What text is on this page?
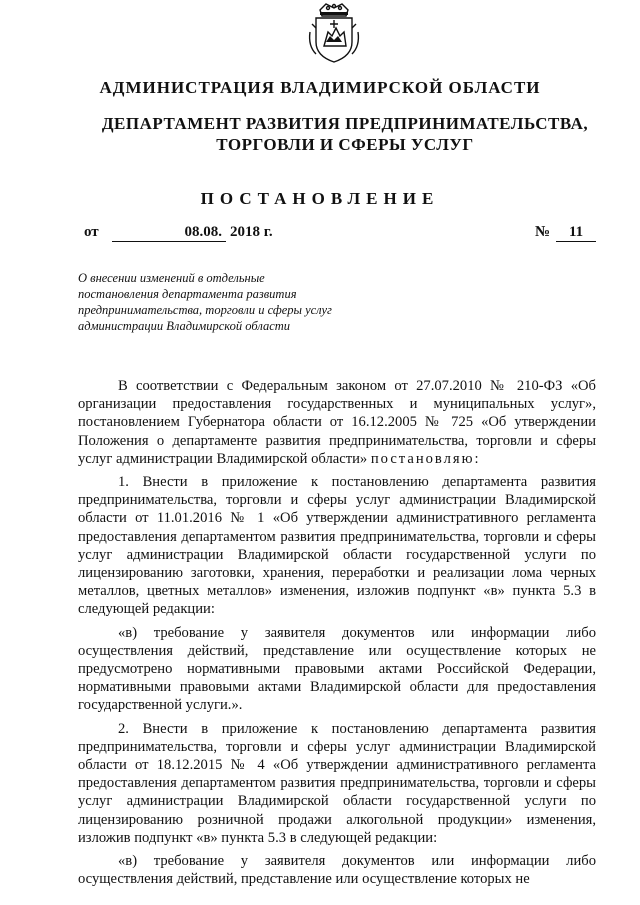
АДМИНИСТРАЦИЯ ВЛАДИМИРСКОЙ ОБЛАСТИ
ДЕПАРТАМЕНТ РАЗВИТИЯ ПРЕДПРИНИМАТЕЛЬСТВА,
ТОРГОВЛИ И СФЕРЫ УСЛУГ
ПОСТАНОВЛЕНИЕ
от	08.08. 2018 г.	№ 11
О внесении изменений в отдельные
постановления департамента развития
предпринимательства, торговли и сферы услуг
администрации Владимирской области

В соответствии с Федеральным законом от 27.07.2010 № 210-ФЗ «Об организации предоставления государственных и муниципальных услуг», постановлением Губернатора области от 16.12.2005 № 725 «Об утверждении Положения о департаменте развития предпринимательства, торговли и сферы услуг администрации Владимирской области» постановляю:

1. Внести в приложение к постановлению департамента развития предпринимательства, торговли и сферы услуг администрации Владимирской области от 11.01.2016 № 1 «Об утверждении административного регламента предоставления департаментом развития предпринимательства, торговли и сферы услуг администрации Владимирской области государственной услуги по лицензированию заготовки, хранения, переработки и реализации лома черных металлов, цветных металлов» изменения, изложив подпункт «в» пункта 5.3 в следующей редакции:

«в) требование у заявителя документов или информации либо осуществления действий, представление или осуществление которых не предусмотрено нормативными правовыми актами Российской Федерации, нормативными правовыми актами Владимирской области для предоставления государственной услуги.».

2. Внести в приложение к постановлению департамента развития предпринимательства, торговли и сферы услуг администрации Владимирской области от 18.12.2015 № 4 «Об утверждении административного регламента предоставления департаментом развития предпринимательства, торговли и сферы услуг администрации Владимирской области государственной услуги по лицензированию розничной продажи алкогольной продукции» изменения, изложив подпункт «в» пункта 5.3 в следующей редакции:

«в) требование у заявителя документов или информации либо осуществления действий, представление или осуществление которых не
